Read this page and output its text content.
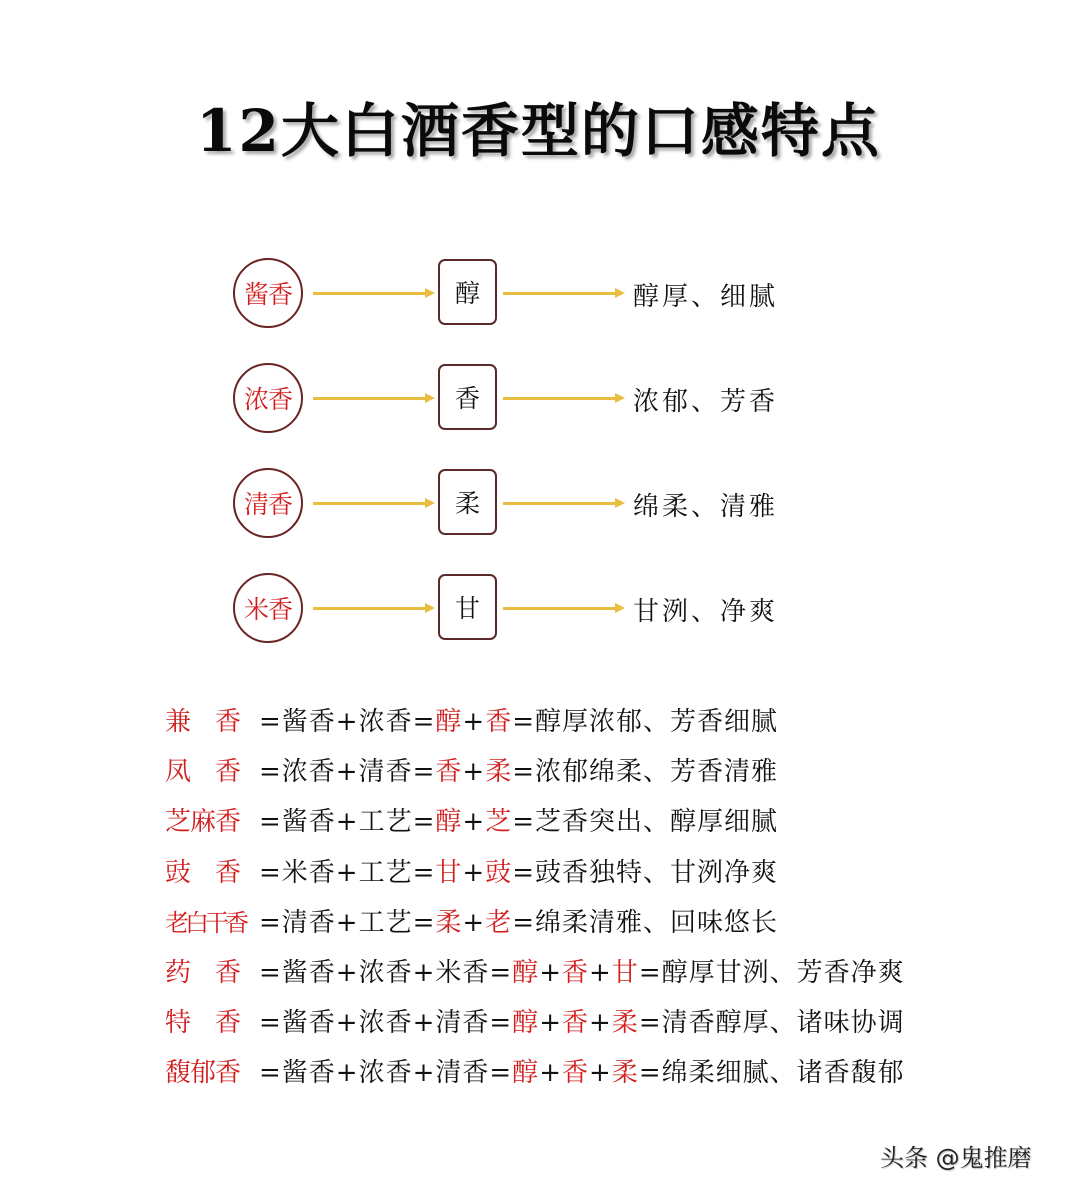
12大白酒香型的口感特点
酱香	醇	醇厚、细腻
浓香	香	浓郁、芳香
清香	柔	绵柔、清雅
米香	甘	甘洌、净爽
兼　香 =酱香+浓香=醇+香=醇厚浓郁、芳香细腻
凤　香 =浓香+清香=香+柔=浓郁绵柔、芳香清雅
芝麻香 =酱香+工艺=醇+芝=芝香突出、醇厚细腻
豉　香 =米香+工艺=甘+豉=豉香独特、甘洌净爽
老白干香 =清香+工艺=柔+老=绵柔清雅、回味悠长
药　香 =酱香+浓香+米香=醇+香+甘=醇厚甘洌、芳香净爽
特　香 =酱香+浓香+清香=醇+香+柔=清香醇厚、诸味协调
馥郁香 =酱香+浓香+清香=醇+香+柔=绵柔细腻、诸香馥郁
头条 @鬼推磨
